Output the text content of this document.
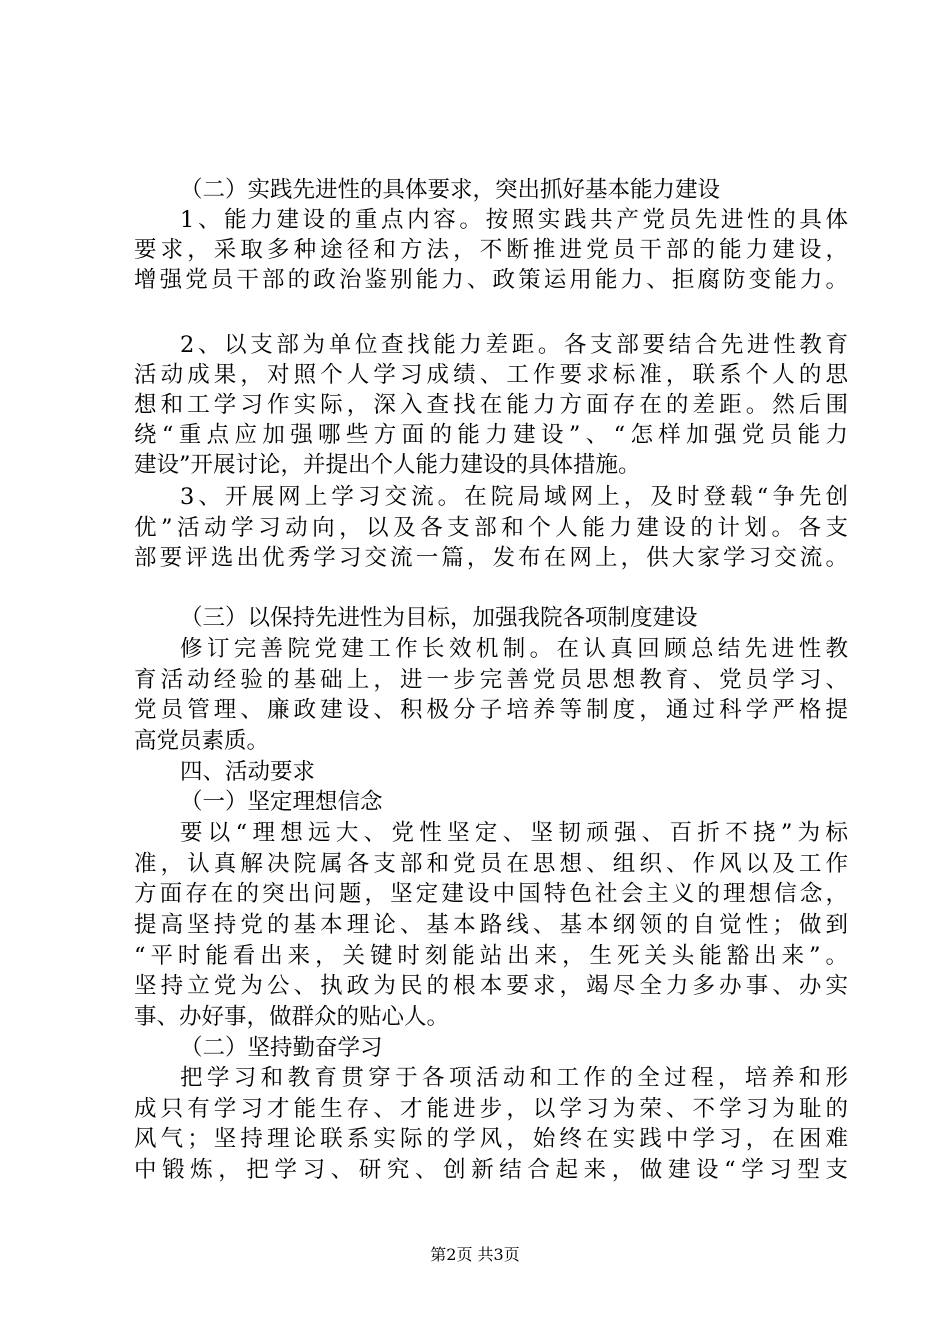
（二）实践先进性的具体要求，突出抓好基本能力建设
1、能力建设的重点内容。按照实践共产党员先进性的具体
要求，采取多种途径和方法，不断推进党员干部的能力建设，
增强党员干部的政治鉴别能力、政策运用能力、拒腐防变能力。
2、以支部为单位查找能力差距。各支部要结合先进性教育
活动成果，对照个人学习成绩、工作要求标准，联系个人的思
想和工学习作实际，深入查找在能力方面存在的差距。然后围
绕“重点应加强哪些方面的能力建设”、“怎样加强党员能力
建设”开展讨论，并提出个人能力建设的具体措施。
3、开展网上学习交流。在院局域网上，及时登载“争先创
优”活动学习动向，以及各支部和个人能力建设的计划。各支
部要评选出优秀学习交流一篇，发布在网上，供大家学习交流。
（三）以保持先进性为目标，加强我院各项制度建设
修订完善院党建工作长效机制。在认真回顾总结先进性教
育活动经验的基础上，进一步完善党员思想教育、党员学习、
党员管理、廉政建设、积极分子培养等制度，通过科学严格提
高党员素质。
四、活动要求
（一）坚定理想信念
要以“理想远大、党性坚定、坚韧顽强、百折不挠”为标
准，认真解决院属各支部和党员在思想、组织、作风以及工作
方面存在的突出问题，坚定建设中国特色社会主义的理想信念，
提高坚持党的基本理论、基本路线、基本纲领的自觉性；做到
“平时能看出来，关键时刻能站出来，生死关头能豁出来”。
坚持立党为公、执政为民的根本要求，竭尽全力多办事、办实
事、办好事，做群众的贴心人。
（二）坚持勤奋学习
把学习和教育贯穿于各项活动和工作的全过程，培养和形
成只有学习才能生存、才能进步，以学习为荣、不学习为耻的
风气；坚持理论联系实际的学风，始终在实践中学习，在困难
中锻炼，把学习、研究、创新结合起来，做建设“学习型支
第2页 共3页
